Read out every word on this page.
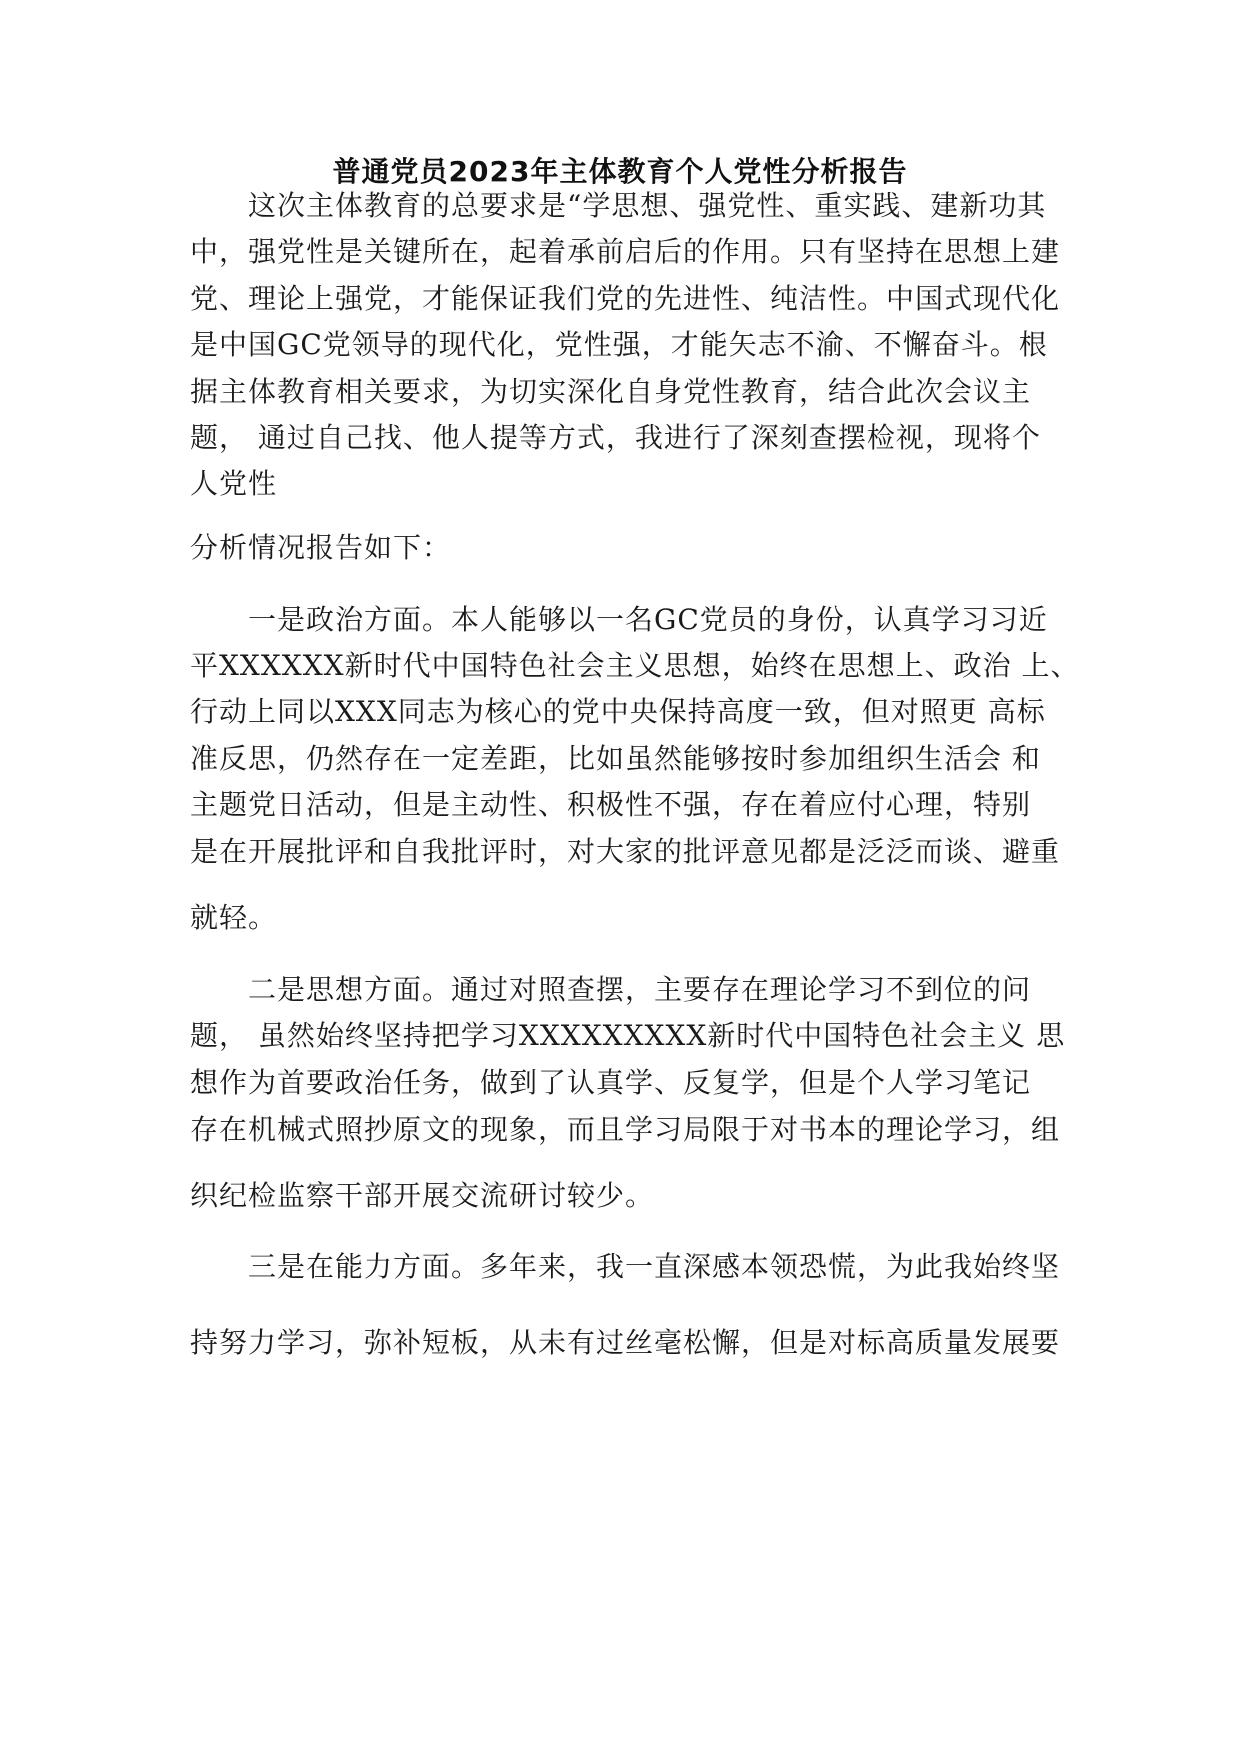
普通党员2023年主体教育个人党性分析报告
这次主体教育的总要求是“学思想、强党性、重实践、建新功其
中，强党性是关键所在，起着承前启后的作用。只有坚持在思想上建
党、理论上强党，才能保证我们党的先进性、纯洁性。中国式现代化
是中国GC党领导的现代化，党性强，才能矢志不渝、不懈奋斗。根
据主体教育相关要求，为切实深化自身党性教育，结合此次会议主
题， 通过自己找、他人提等方式，我进行了深刻查摆检视，现将个
人党性
分析情况报告如下：
一是政治方面。本人能够以一名GC党员的身份，认真学习习近
平XXXXXX新时代中国特色社会主义思想，始终在思想上、政治 上、
行动上同以XXX同志为核心的党中央保持高度一致，但对照更 高标
准反思，仍然存在一定差距，比如虽然能够按时参加组织生活会 和
主题党日活动，但是主动性、积极性不强，存在着应付心理，特别
是在开展批评和自我批评时，对大家的批评意见都是泛泛而谈、避重
就轻。
二是思想方面。通过对照查摆，主要存在理论学习不到位的问
题， 虽然始终坚持把学习XXXXXXXXX新时代中国特色社会主义 思
想作为首要政治任务，做到了认真学、反复学，但是个人学习笔记
存在机械式照抄原文的现象，而且学习局限于对书本的理论学习，组
织纪检监察干部开展交流研讨较少。
三是在能力方面。多年来，我一直深感本领恐慌，为此我始终坚
持努力学习，弥补短板，从未有过丝毫松懈，但是对标高质量发展要
